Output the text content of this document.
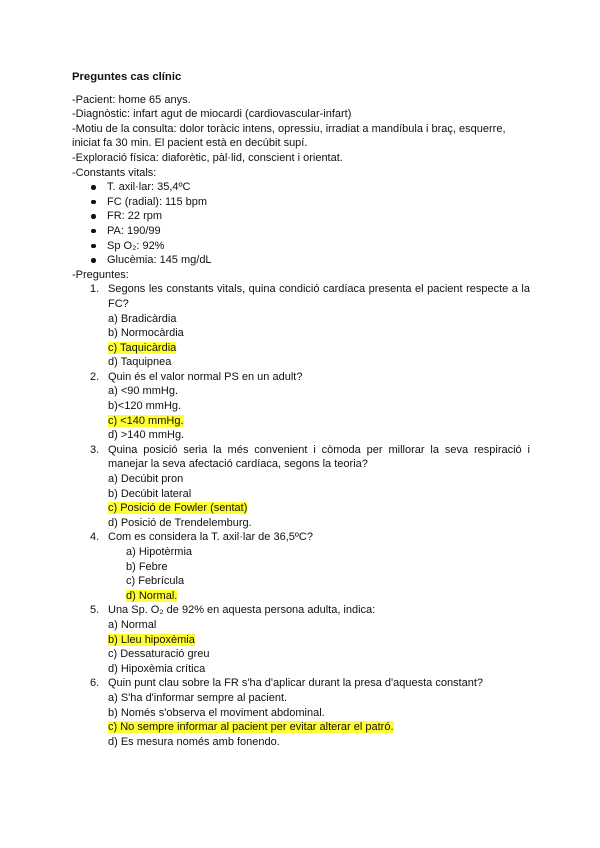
Preguntes cas clínic
-Pacient: home 65 anys.
-Diagnòstic: infart agut de miocardi (cardiovascular-infart)
-Motiu de la consulta: dolor toràcic intens, opressiu, irradiat a mandíbula i braç, esquerre, iniciat fa 30 min. El pacient està en decúbit supí.
-Exploració física: diaforètic, pàl·lid, conscient i orientat.
-Constants vitals:
T. axil·lar: 35,4ºC
FC (radial): 115 bpm
FR: 22 rpm
PA: 190/99
Sp O₂: 92%
Glucèmia: 145 mg/dL
-Preguntes:
1. Segons les constants vitals, quina condició cardíaca presenta el pacient respecte a la FC?
a) Bradicàrdia
b) Normocàrdia
c) Taquicàrdia
d) Taquipnea
2. Quin és el valor normal PS en un adult?
a) <90 mmHg.
b)<120 mmHg.
c) <140 mmHg.
d) >140 mmHg.
3. Quina posició seria la més convenient i còmoda per millorar la seva respiració i manejar la seva afectació cardíaca, segons la teoria?
a) Decúbit pron
b) Decúbit lateral
c) Posició de Fowler (sentat)
d) Posició de Trendelemburg.
4. Com es considera la T. axil·lar de 36,5ºC?
a) Hipotèrmia
b) Febre
c) Febrícula
d) Normal.
5. Una Sp. O₂ de 92% en aquesta persona adulta, indica:
a) Normal
b) Lleu hipoxèmia
c) Dessaturació greu
d) Hipoxèmia crítica
6. Quin punt clau sobre la FR s'ha d'aplicar durant la presa d'aquesta constant?
a) S'ha d'informar sempre al pacient.
b) Només s'observa el moviment abdominal.
c) No sempre informar al pacient per evitar alterar el patró.
d) Es mesura només amb fonendo.
